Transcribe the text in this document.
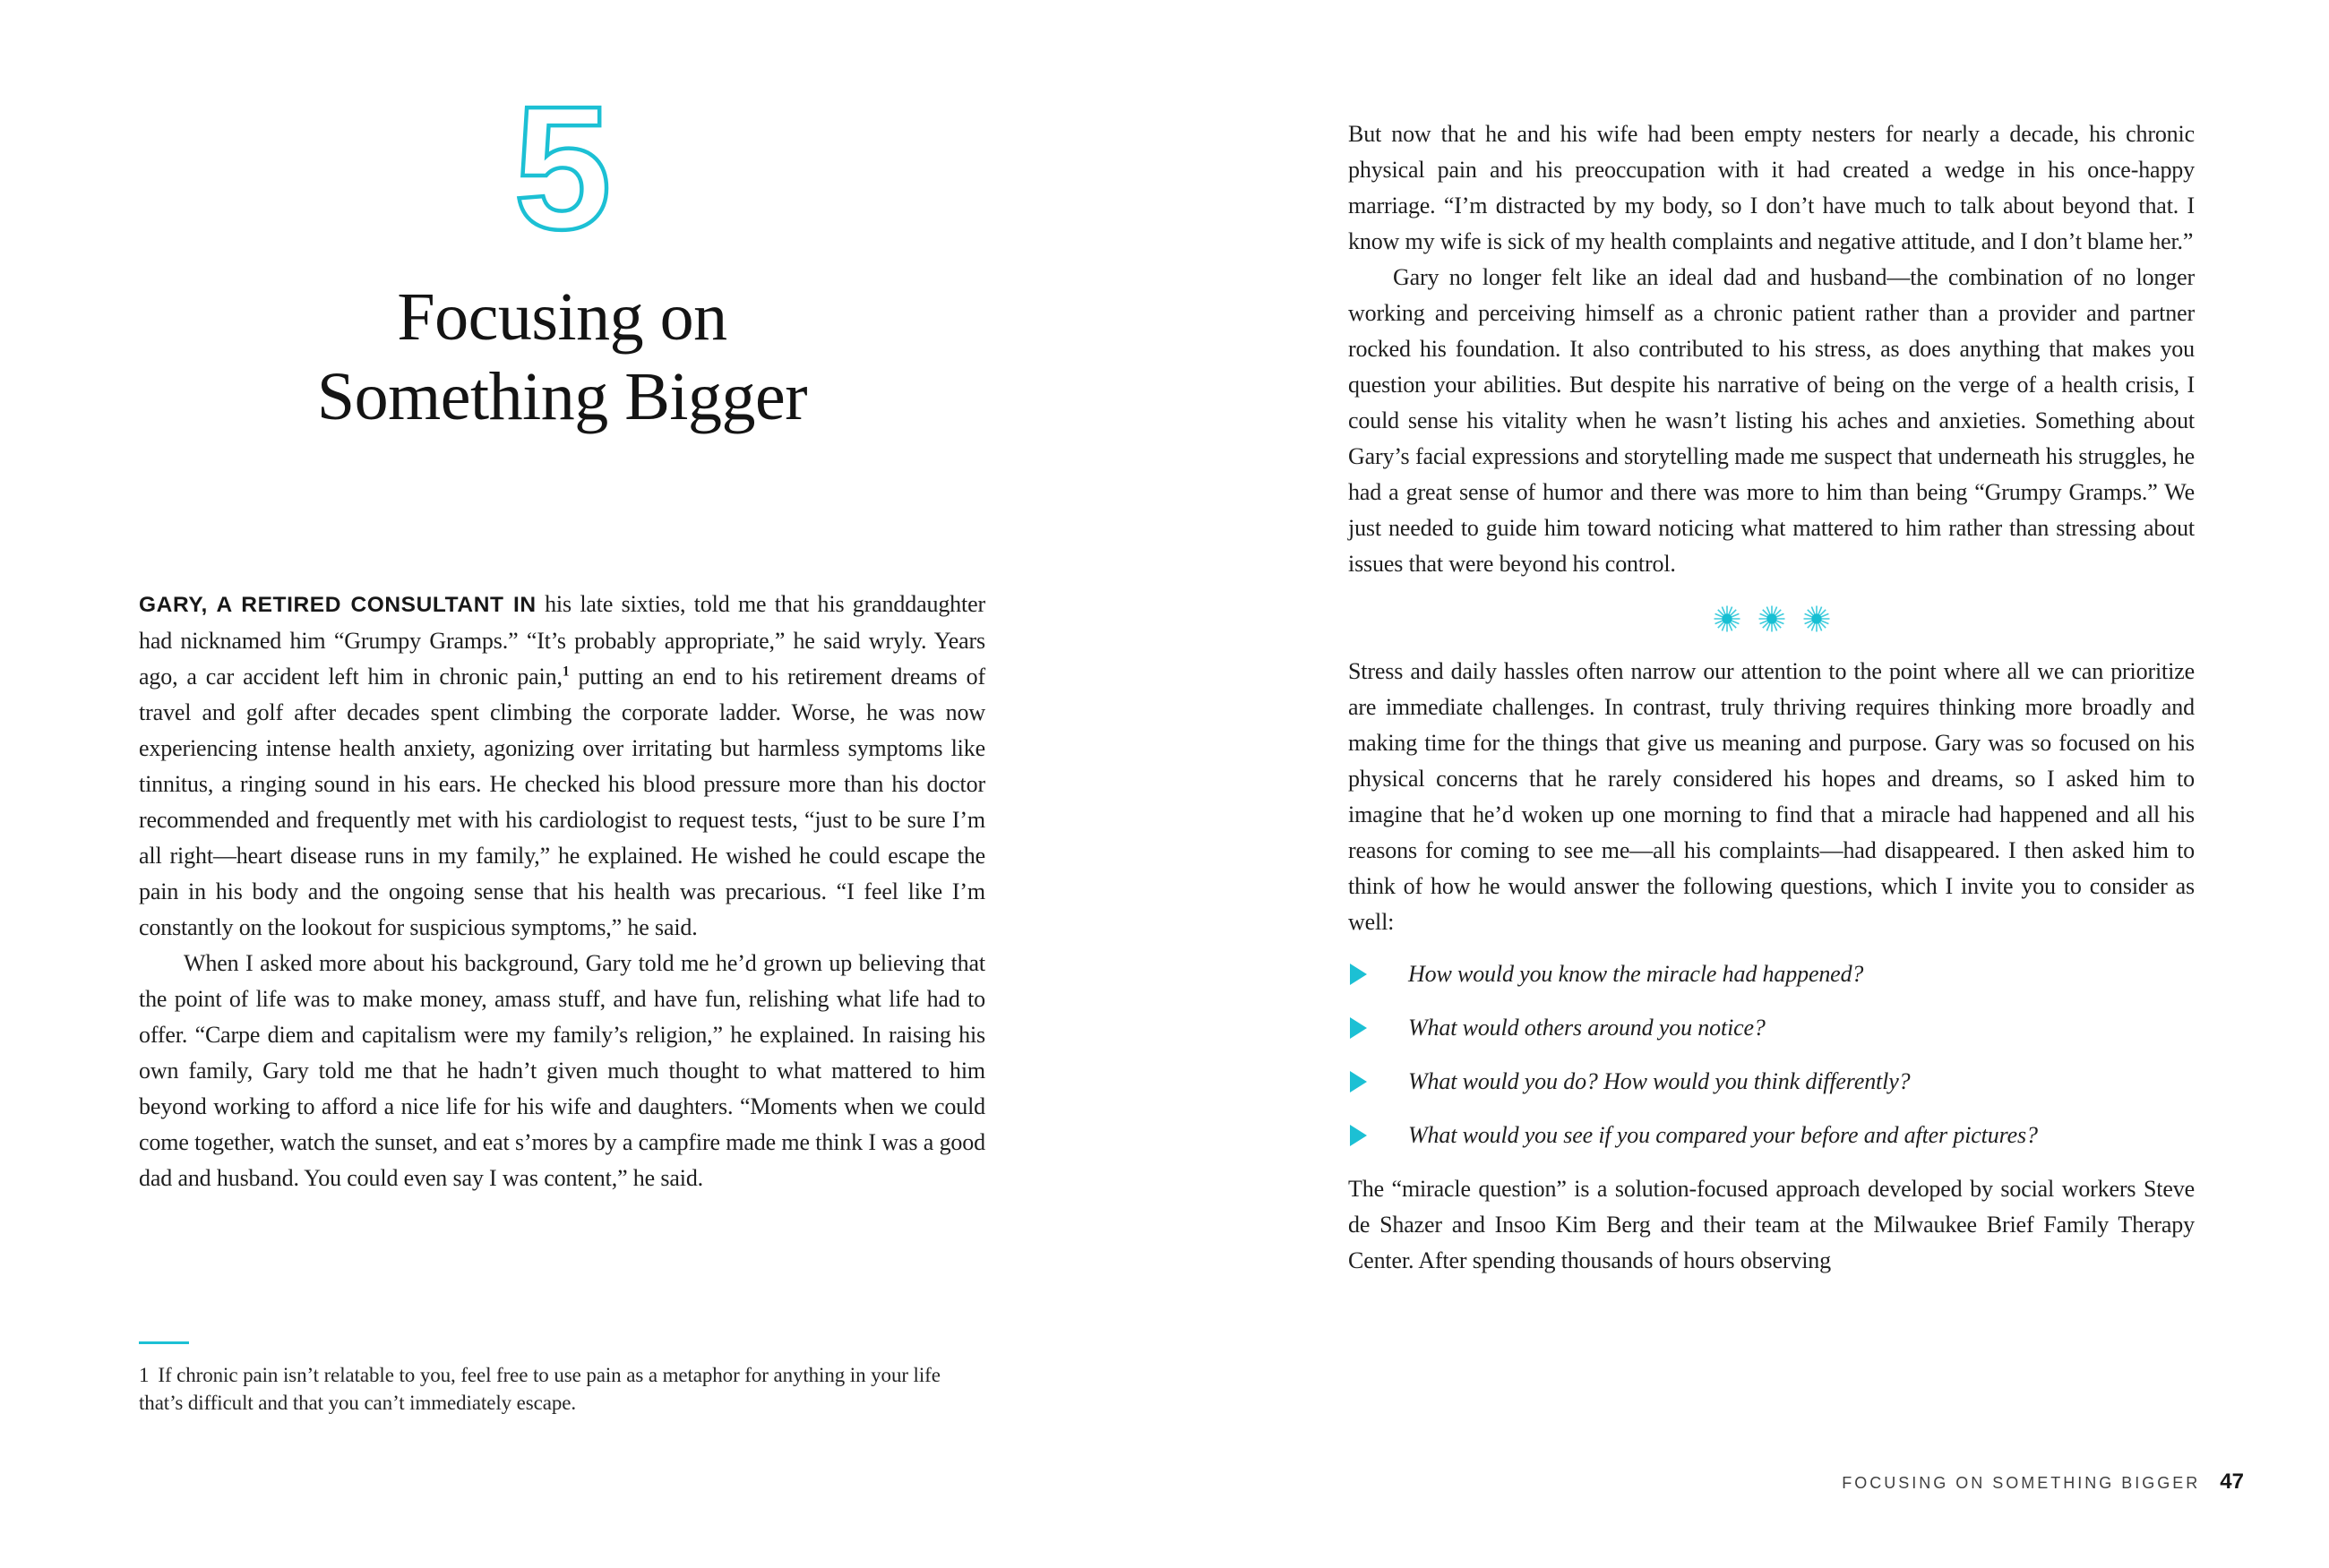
5
Focusing on
Something Bigger

GARY, A RETIRED CONSULTANT IN his late sixties, told me that his granddaughter had nicknamed him “Grumpy Gramps.” “It’s probably appropriate,” he said wryly. Years ago, a car accident left him in chronic pain,$^1$ putting an end to his retirement dreams of travel and golf after decades spent climbing the corporate ladder. Worse, he was now experiencing intense health anxiety, agonizing over irritating but harmless symptoms like tinnitus, a ringing sound in his ears. He checked his blood pressure more than his doctor recommended and frequently met with his cardiologist to request tests, “just to be sure I’m all right—heart disease runs in my family,” he explained. He wished he could escape the pain in his body and the ongoing sense that his health was precarious. “I feel like I’m constantly on the lookout for suspicious symptoms,” he said.

When I asked more about his background, Gary told me he’d grown up believing that the point of life was to make money, amass stuff, and have fun, relishing what life had to offer. “Carpe diem and capitalism were my family’s religion,” he explained. In raising his own family, Gary told me that he hadn’t given much thought to what mattered to him beyond working to afford a nice life for his wife and daughters. “Moments when we could come together, watch the sunset, and eat s’mores by a campfire made me think I was a good dad and husband. You could even say I was content,” he said.

1 If chronic pain isn’t relatable to you, feel free to use pain as a metaphor for anything in your life that’s difficult and that you can’t immediately escape.

But now that he and his wife had been empty nesters for nearly a decade, his chronic physical pain and his preoccupation with it had created a wedge in his once-happy marriage. “I’m distracted by my body, so I don’t have much to talk about beyond that. I know my wife is sick of my health complaints and negative attitude, and I don’t blame her.”

Gary no longer felt like an ideal dad and husband—the combination of no longer working and perceiving himself as a chronic patient rather than a provider and partner rocked his foundation. It also contributed to his stress, as does anything that makes you question your abilities. But despite his narrative of being on the verge of a health crisis, I could sense his vitality when he wasn’t listing his aches and anxieties. Something about Gary’s facial expressions and storytelling made me suspect that underneath his struggles, he had a great sense of humor and there was more to him than being “Grumpy Gramps.” We just needed to guide him toward noticing what mattered to him rather than stressing about issues that were beyond his control.

Stress and daily hassles often narrow our attention to the point where all we can prioritize are immediate challenges. In contrast, truly thriving requires thinking more broadly and making time for the things that give us meaning and purpose. Gary was so focused on his physical concerns that he rarely considered his hopes and dreams, so I asked him to imagine that he’d woken up one morning to find that a miracle had happened and all his reasons for coming to see me—all his complaints—had disappeared. I then asked him to think of how he would answer the following questions, which I invite you to consider as well:

How would you know the miracle had happened?
What would others around you notice?
What would you do? How would you think differently?
What would you see if you compared your before and after pictures?

The “miracle question” is a solution-focused approach developed by social workers Steve de Shazer and Insoo Kim Berg and their team at the Milwaukee Brief Family Therapy Center. After spending thousands of hours observing

FOCUSING ON SOMETHING BIGGER 47
